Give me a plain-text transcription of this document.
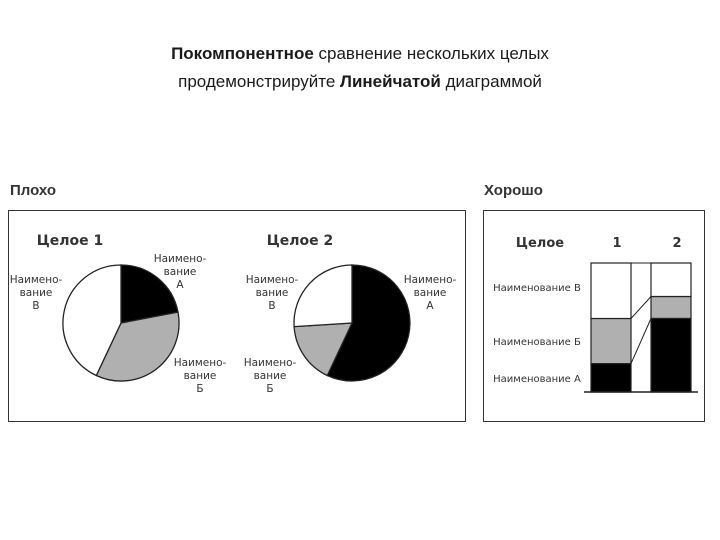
Покомпонентное сравнение нескольких целых
продемонстрируйте Линейчатой диаграммой
Плохо	Хорошо
Целое 1
Наимено-
вание
А
Наимено-
вание
Б
Наимено-
вание
В
Целое 2
Наимено-
вание
А
Наимено-
вание
Б
Наимено-
вание
В
Целое	1	2
Наименование А
Наименование Б
Наименование В
